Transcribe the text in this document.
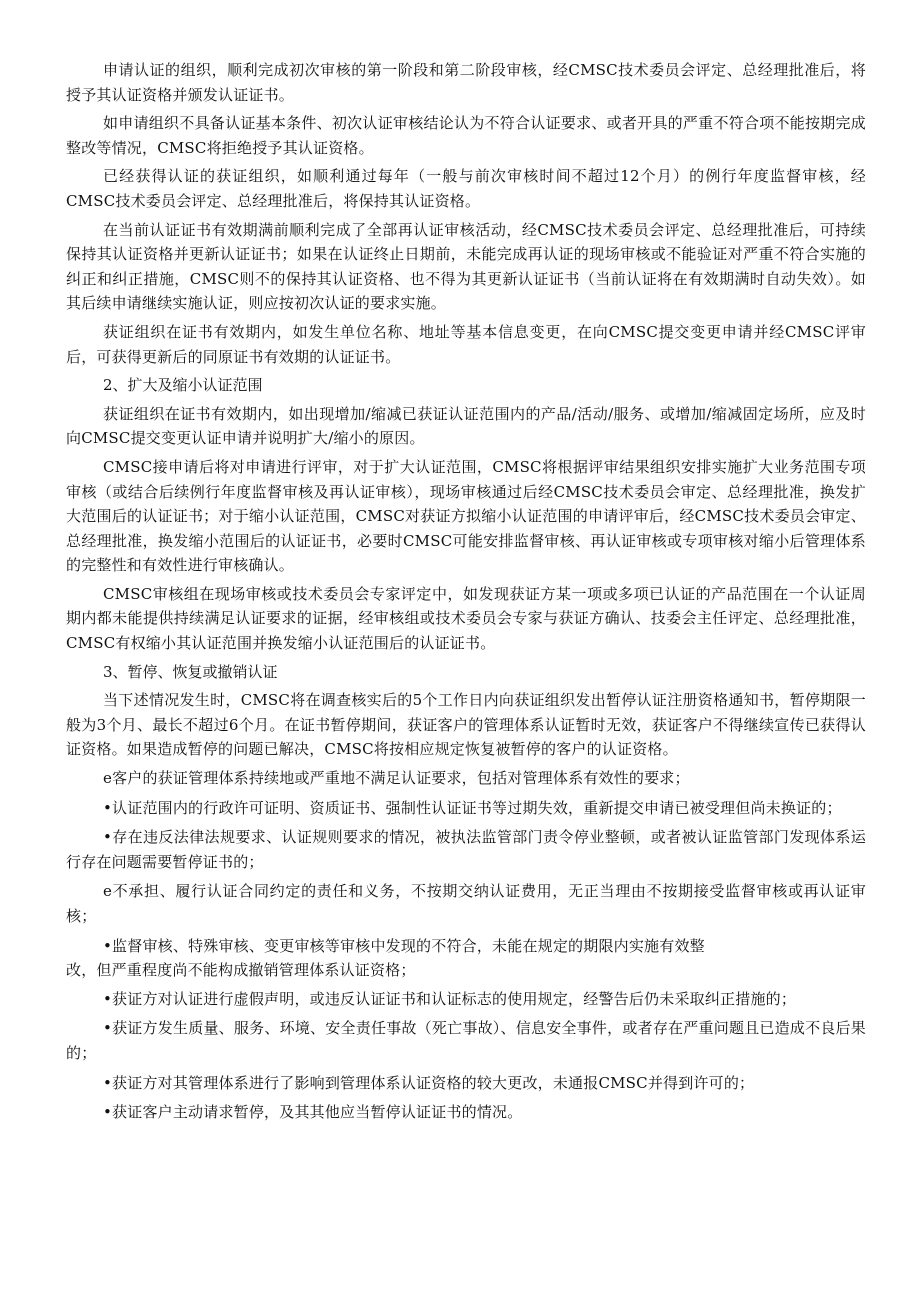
申请认证的组织，顺利完成初次审核的第一阶段和第二阶段审核，经CMSC技术委员会评定、总经理批准后，将授予其认证资格并颁发认证证书。

如申请组织不具备认证基本条件、初次认证审核结论认为不符合认证要求、或者开具的严重不符合项不能按期完成整改等情况，CMSC将拒绝授予其认证资格。

已经获得认证的获证组织，如顺利通过每年（一般与前次审核时间不超过12个月）的例行年度监督审核，经CMSC技术委员会评定、总经理批准后，将保持其认证资格。

在当前认证证书有效期满前顺利完成了全部再认证审核活动，经CMSC技术委员会评定、总经理批准后，可持续保持其认证资格并更新认证证书；如果在认证终止日期前，未能完成再认证的现场审核或不能验证对严重不符合实施的纠正和纠正措施，CMSC则不的保持其认证资格、也不得为其更新认证证书（当前认证将在有效期满时自动失效）。如其后续申请继续实施认证，则应按初次认证的要求实施。

获证组织在证书有效期内，如发生单位名称、地址等基本信息变更，在向CMSC提交变更申请并经CMSC评审后，可获得更新后的同原证书有效期的认证证书。

2、扩大及缩小认证范围

获证组织在证书有效期内，如出现增加/缩减已获证认证范围内的产品/活动/服务、或增加/缩减固定场所，应及时向CMSC提交变更认证申请并说明扩大/缩小的原因。

CMSC接申请后将对申请进行评审，对于扩大认证范围，CMSC将根据评审结果组织安排实施扩大业务范围专项审核（或结合后续例行年度监督审核及再认证审核），现场审核通过后经CMSC技术委员会审定、总经理批准，换发扩大范围后的认证证书；对于缩小认证范围，CMSC对获证方拟缩小认证范围的申请评审后，经CMSC技术委员会审定、总经理批准，换发缩小范围后的认证证书，必要时CMSC可能安排监督审核、再认证审核或专项审核对缩小后管理体系的完整性和有效性进行审核确认。

CMSC审核组在现场审核或技术委员会专家评定中，如发现获证方某一项或多项已认证的产品范围在一个认证周期内都未能提供持续满足认证要求的证据，经审核组或技术委员会专家与获证方确认、技委会主任评定、总经理批准，CMSC有权缩小其认证范围并换发缩小认证范围后的认证证书。

3、暂停、恢复或撤销认证

当下述情况发生时，CMSC将在调查核实后的5个工作日内向获证组织发出暂停认证注册资格通知书，暂停期限一般为3个月、最长不超过6个月。在证书暂停期间，获证客户的管理体系认证暂时无效，获证客户不得继续宣传已获得认证资格。如果造成暂停的问题已解决，CMSC将按相应规定恢复被暂停的客户的认证资格。

e客户的获证管理体系持续地或严重地不满足认证要求，包括对管理体系有效性的要求；

•认证范围内的行政许可证明、资质证书、强制性认证证书等过期失效，重新提交申请已被受理但尚未换证的；

•存在违反法律法规要求、认证规则要求的情况，被执法监管部门责令停业整顿，或者被认证监管部门发现体系运行存在问题需要暂停证书的；

e不承担、履行认证合同约定的责任和义务，不按期交纳认证费用，无正当理由不按期接受监督审核或再认证审核；

•监督审核、特殊审核、变更审核等审核中发现的不符合，未能在规定的期限内实施有效整

改，但严重程度尚不能构成撤销管理体系认证资格；

•获证方对认证进行虚假声明，或违反认证证书和认证标志的使用规定，经警告后仍未采取纠正措施的；

•获证方发生质量、服务、环境、安全责任事故（死亡事故）、信息安全事件，或者存在严重问题且已造成不良后果的；

•获证方对其管理体系进行了影响到管理体系认证资格的较大更改，未通报CMSC并得到许可的；

•获证客户主动请求暂停，及其其他应当暂停认证证书的情况。
